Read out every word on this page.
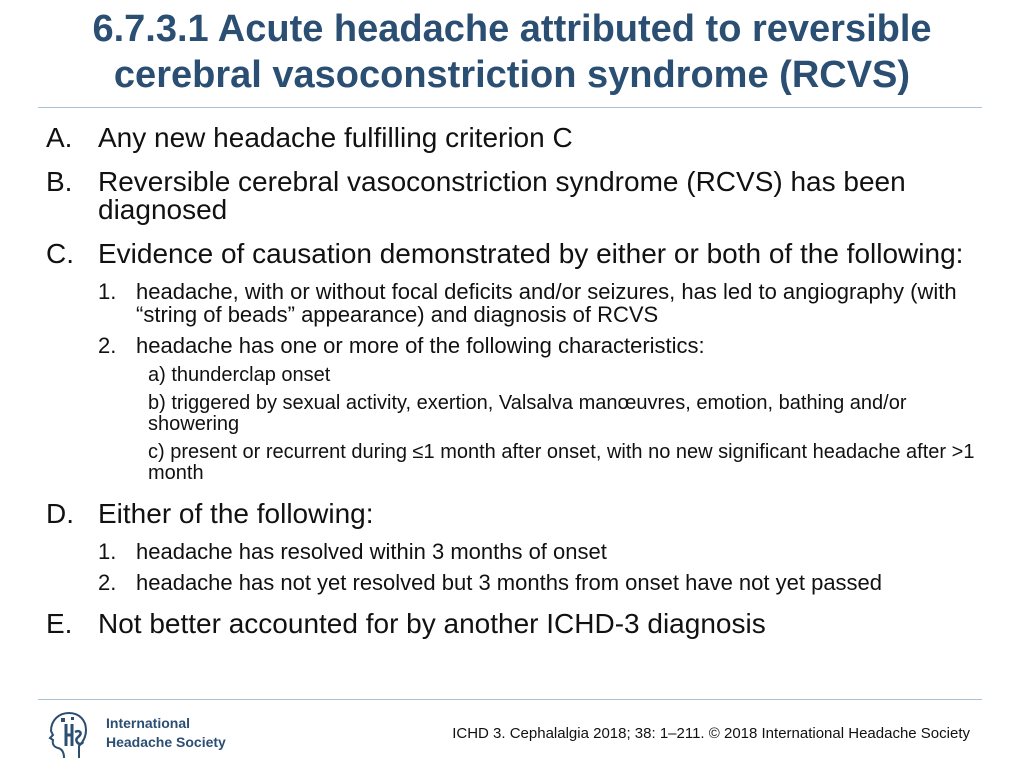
6.7.3.1 Acute headache attributed to reversible cerebral vasoconstriction syndrome (RCVS)
A. Any new headache fulfilling criterion C
B. Reversible cerebral vasoconstriction syndrome (RCVS) has been diagnosed
C. Evidence of causation demonstrated by either or both of the following:
1. headache, with or without focal deficits and/or seizures, has led to angiography (with “string of beads” appearance) and diagnosis of RCVS
2. headache has one or more of the following characteristics:
a) thunderclap onset
b) triggered by sexual activity, exertion, Valsalva manœuvres, emotion, bathing and/or showering
c) present or recurrent during ≤1 month after onset, with no new significant headache after >1 month
D. Either of the following:
1. headache has resolved within 3 months of onset
2. headache has not yet resolved but 3 months from onset have not yet passed
E. Not better accounted for by another ICHD-3 diagnosis
International
Headache Society	ICHD 3. Cephalalgia 2018; 38: 1–211. © 2018 International Headache Society
